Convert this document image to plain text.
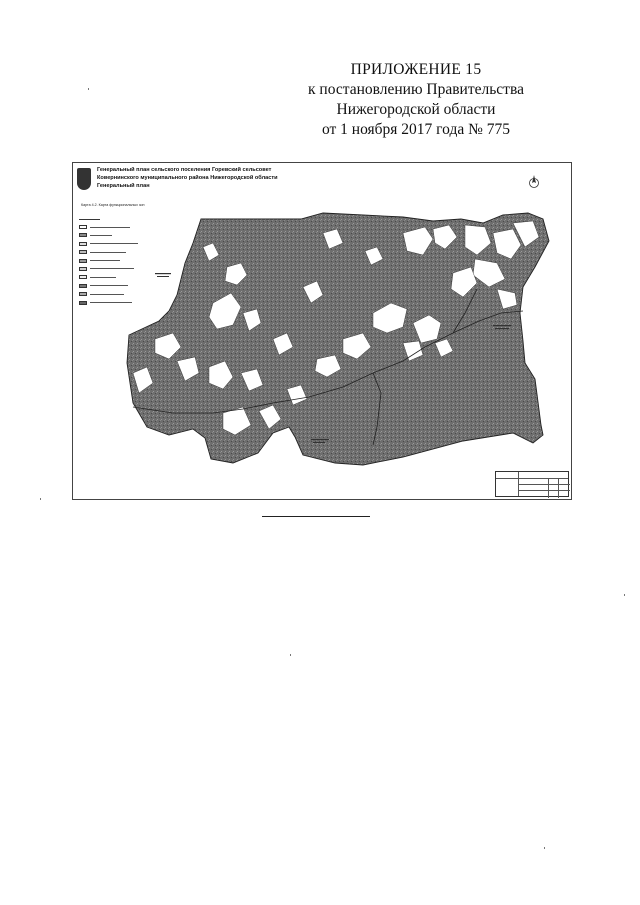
ПРИЛОЖЕНИЕ 15
к постановлению Правительства
Нижегородской области
от 1 ноября 2017 года № 775
Генеральный план сельского поселения Горевский сельсовет
Ковернинского муниципального района Нижегородской области
Генеральный план
Карта 4.2. Карта функциональных зон
▬▬▬▬▬▬▬
